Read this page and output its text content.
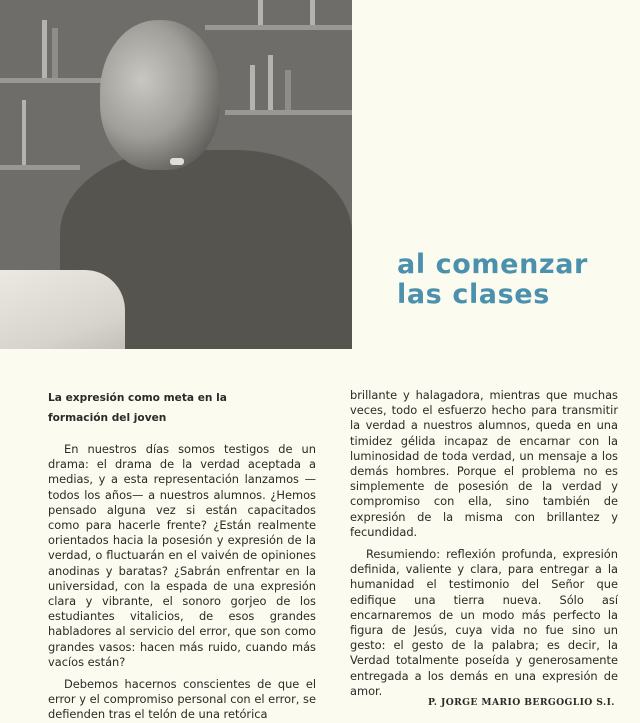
al comenzar
las clases
La expresión como meta en la
formación del joven

En nuestros días somos testigos de un drama: el drama de la verdad aceptada a medias, y a esta representación lanzamos —todos los años— a nuestros alumnos. ¿Hemos pensado alguna vez si están capacitados como para hacerle frente? ¿Están realmente orientados hacia la posesión y expresión de la verdad, o fluctuarán en el vaivén de opiniones anodinas y baratas? ¿Sabrán enfrentar en la universidad, con la espada de una expresión clara y vibrante, el sonoro gorjeo de los estudiantes vitalicios, de esos grandes habladores al servicio del error, que son como grandes vasos: hacen más ruido, cuando más vacíos están?

Debemos hacernos conscientes de que el error y el compromiso personal con el error, se defienden tras el telón de una retórica

brillante y halagadora, mientras que muchas veces, todo el esfuerzo hecho para transmitir la verdad a nuestros alumnos, queda en una timidez gélida incapaz de encarnar con la luminosidad de toda verdad, un mensaje a los demás hombres. Porque el problema no es simplemente de posesión de la verdad y compromiso con ella, sino también de expresión de la misma con brillantez y fecundidad.

Resumiendo: reflexión profunda, expresión definida, valiente y clara, para entregar a la humanidad el testimonio del Señor que edifique una tierra nueva. Sólo así encarnaremos de un modo más perfecto la figura de Jesús, cuya vida no fue sino un gesto: el gesto de la palabra; es decir, la Verdad totalmente poseída y generosamente entregada a los demás en una expresión de amor.

P. JORGE MARIO BERGOGLIO S.I.
